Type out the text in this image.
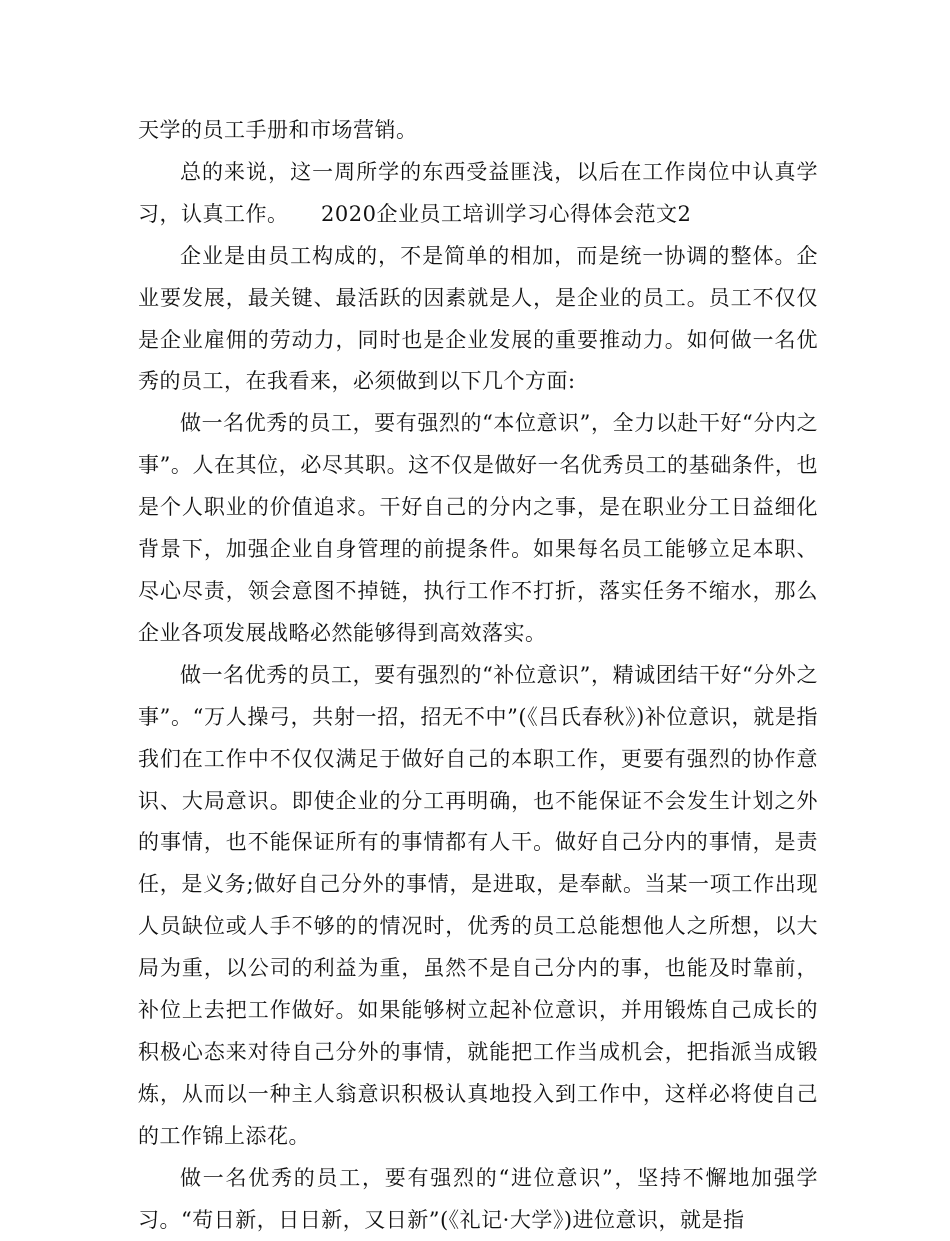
天学的员工手册和市场营销。

总的来说，这一周所学的东西受益匪浅，以后在工作岗位中认真学习，认真工作。　　2020企业员工培训学习心得体会范文2

企业是由员工构成的，不是简单的相加，而是统一协调的整体。企业要发展，最关键、最活跃的因素就是人，是企业的员工。员工不仅仅是企业雇佣的劳动力，同时也是企业发展的重要推动力。如何做一名优秀的员工，在我看来，必须做到以下几个方面:

做一名优秀的员工，要有强烈的“本位意识”，全力以赴干好“分内之事”。人在其位，必尽其职。这不仅是做好一名优秀员工的基础条件，也是个人职业的价值追求。干好自己的分内之事，是在职业分工日益细化背景下，加强企业自身管理的前提条件。如果每名员工能够立足本职、尽心尽责，领会意图不掉链，执行工作不打折，落实任务不缩水，那么企业各项发展战略必然能够得到高效落实。

做一名优秀的员工，要有强烈的“补位意识”，精诚团结干好“分外之事”。“万人操弓，共射一招，招无不中”(《吕氏春秋》)补位意识，就是指我们在工作中不仅仅满足于做好自己的本职工作，更要有强烈的协作意识、大局意识。即使企业的分工再明确，也不能保证不会发生计划之外的事情，也不能保证所有的事情都有人干。做好自己分内的事情，是责任，是义务;做好自己分外的事情，是进取，是奉献。当某一项工作出现人员缺位或人手不够的的情况时，优秀的员工总能想他人之所想，以大局为重，以公司的利益为重，虽然不是自己分内的事，也能及时靠前，补位上去把工作做好。如果能够树立起补位意识，并用锻炼自己成长的积极心态来对待自己分外的事情，就能把工作当成机会，把指派当成锻炼，从而以一种主人翁意识积极认真地投入到工作中，这样必将使自己的工作锦上添花。

做一名优秀的员工，要有强烈的“进位意识”，坚持不懈地加强学习。“苟日新，日日新，又日新”(《礼记·大学》)进位意识，就是指
